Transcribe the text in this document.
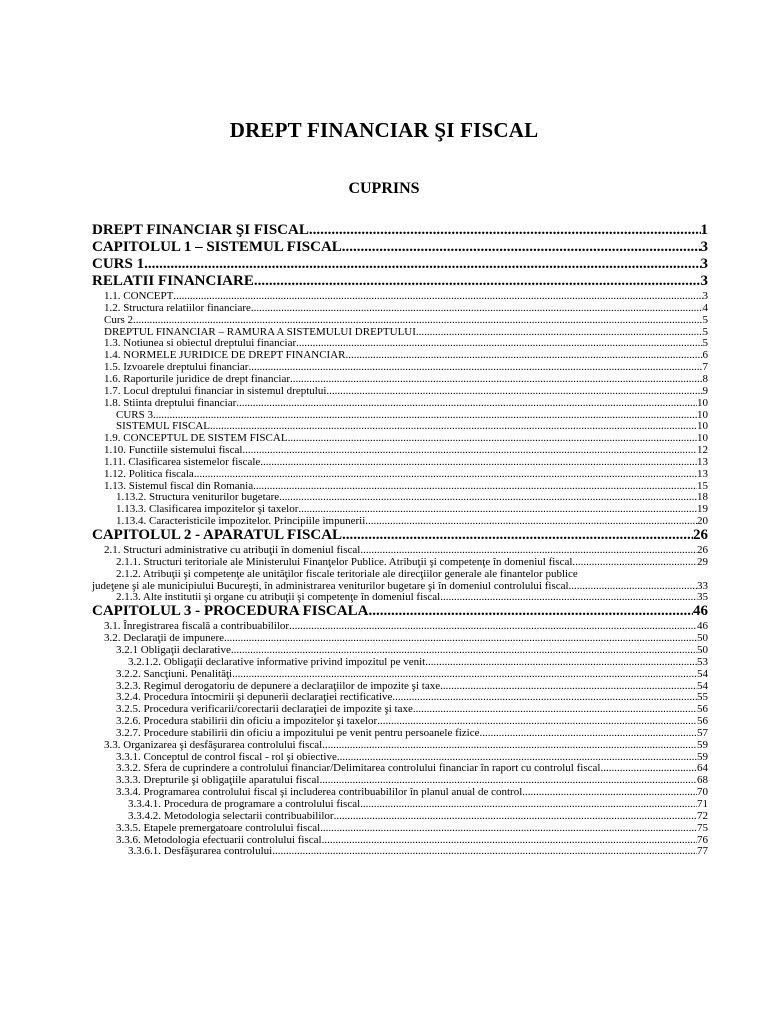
DREPT FINANCIAR ŞI FISCAL
CUPRINS
DREPT FINANCIAR ŞI FISCAL .....	1
CAPITOLUL 1 – SISTEMUL FISCAL .....	3
CURS 1 .....	3
RELATII FINANCIARE .....	3
1.1. CONCEPT .....	3
1.2. Structura relatiilor financiare .....	4
Curs 2 .....	5
DREPTUL FINANCIAR – RAMURA A SISTEMULUI DREPTULUI .....	5
1.3. Notiunea si obiectul dreptului financiar .....	5
1.4. NORMELE JURIDICE DE DREPT FINANCIAR .....	6
1.5. Izvoarele dreptului financiar .....	7
1.6. Raporturile juridice de drept financiar .....	8
1.7. Locul dreptului financiar in sistemul dreptului .....	9
1.8. Stiinta dreptului financiar .....	10
CURS 3 .....	10
SISTEMUL FISCAL .....	10
1.9. CONCEPTUL DE SISTEM FISCAL .....	10
1.10. Functiile sistemului fiscal .....	12
1.11. Clasificarea sistemelor fiscale .....	13
1.12. Politica fiscala .....	13
1.13. Sistemul fiscal din Romania .....	15
1.13.2. Structura veniturilor bugetare .....	18
1.13.3. Clasificarea impozitelor şi taxelor .....	19
1.13.4. Caracteristicile impozitelor. Principiile impunerii .....	20
CAPITOLUL 2 - APARATUL FISCAL .....	26
2.1. Structuri administrative cu atribuţii în domeniul fiscal .....	26
2.1.1. Structuri teritoriale ale Ministerului Finanţelor Publice. Atribuţii şi competenţe în domeniul fiscal .....	29
2.1.2. Atribuţii şi competenţe ale unităţilor fiscale teritoriale ale direcţiilor generale ale finantelor publice
judeţene şi ale municipiului Bucureşti, în administrarea veniturilor bugetare şi în domeniul controlului fiscal .....	33
2.1.3. Alte institutii şi organe cu atribuţii şi competenţe în domeniul fiscal .....	35
CAPITOLUL 3 - PROCEDURA FISCALA .....	46
3.1. Înregistrarea fiscală a contribuabililor .....	46
3.2. Declaraţii de impunere .....	50
3.2.1 Obligaţii declarative .....	50
3.2.1.2. Obligaţii declarative informative privind impozitul pe venit .....	53
3.2.2. Sancţiuni. Penalităţi .....	54
3.2.3. Regimul derogatoriu de depunere a declaraţiilor de impozite şi taxe .....	54
3.2.4. Procedura întocmirii şi depunerii declaraţiei rectificative .....	55
3.2.5. Procedura verificarii/corectarii declaraţiei de impozite şi taxe .....	56
3.2.6. Procedura stabilirii din oficiu a impozitelor şi taxelor .....	56
3.2.7. Procedure stabilirii din oficiu a impozitului pe venit pentru persoanele fizice .....	57
3.3. Organizarea şi desfăşurarea controlului fiscal .....	59
3.3.1. Conceptul de control fiscal - rol şi obiective .....	59
3.3.2. Sfera de cuprindere a controlului financiar/Delimitarea controlului financiar în raport cu controlul fiscal .....	64
3.3.3. Drepturile şi obligaţiile aparatului fiscal .....	68
3.3.4. Programarea controlului fiscal şi includerea contribuabililor în planul anual de control .....	70
3.3.4.1. Procedura de programare a controlului fiscal .....	71
3.3.4.2. Metodologia selectarii contribuabililor .....	72
3.3.5. Etapele premergatoare controlului fiscal .....	75
3.3.6. Metodologia efectuarii controlului fiscal .....	76
3.3.6.1. Desfăşurarea controlului .....	77
